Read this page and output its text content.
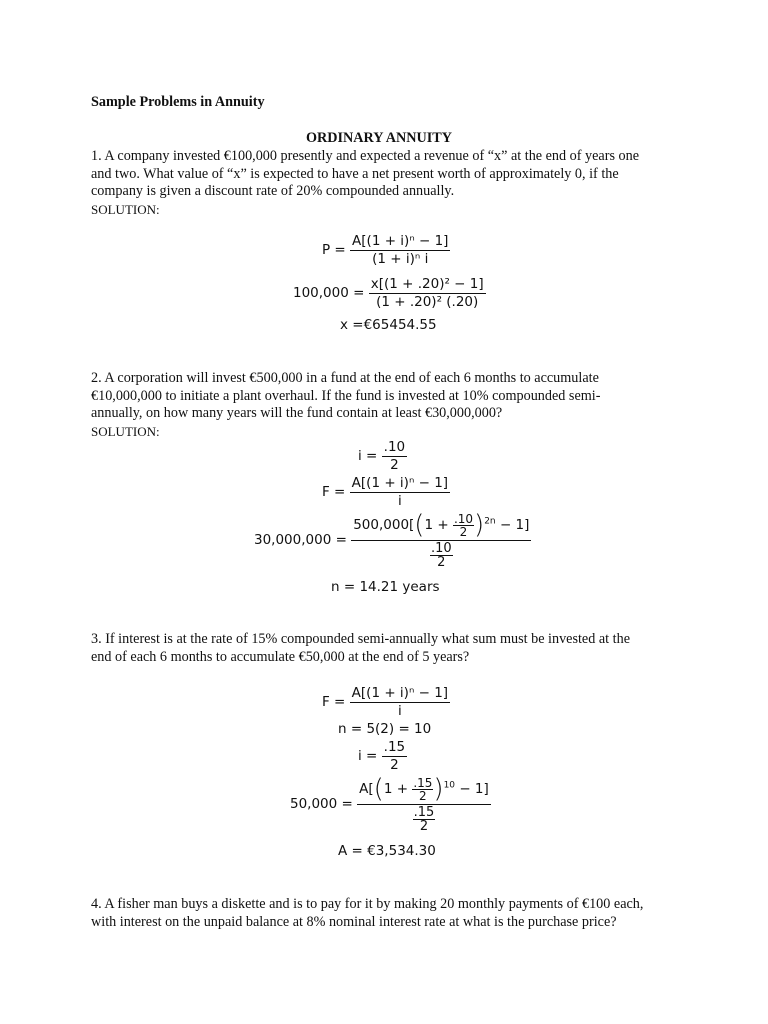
Sample Problems in Annuity
ORDINARY ANNUITY
1. A company invested €100,000 presently and expected a revenue of “x” at the end of years one
and two. What value of “x” is expected to have a net present worth of approximately 0, if the
company is given a discount rate of 20% compounded annually.
SOLUTION:
P =
$\frac{\text{A[(1 + i)ⁿ − 1]}}{\text{(1 + i)ⁿ i}}$
100,000 =
$\frac{\text{x[(1 + .20)² − 1]}}{\text{(1 + .20)² (.20)}}$
x =€65454.55
2. A corporation will invest €500,000 in a fund at the end of each 6 months to accumulate
€10,000,000 to initiate a plant overhaul. If the fund is invested at 10% compounded semi-
annually, on how many years will the fund contain at least €30,000,000?
SOLUTION:
i =
$\frac{.10}{2}$
F =
$\frac{\text{A[(1 + i)ⁿ − 1]}}{i}$
30,000,000 =

$500,000[(1 + \frac{.10}{2} )^{2n} - 1]$
$\frac{.10}{2}$
n = 14.21 years
3. If interest is at the rate of 15% compounded semi-annually what sum must be invested at the
end of each 6 months to accumulate €50,000 at the end of 5 years?
F =
$\frac{\text{A[(1 + i)ⁿ − 1]}}{i}$
n = 5(2) = 10
i =
$\frac{.15}{2}$
50,000 =

$A[(1 + \frac{.15}{2} )^{10} - 1]$
$\frac{.15}{2}$
A = €3,534.30
4. A fisher man buys a diskette and is to pay for it by making 20 monthly payments of €100 each,
with interest on the unpaid balance at 8% nominal interest rate at what is the purchase price?
